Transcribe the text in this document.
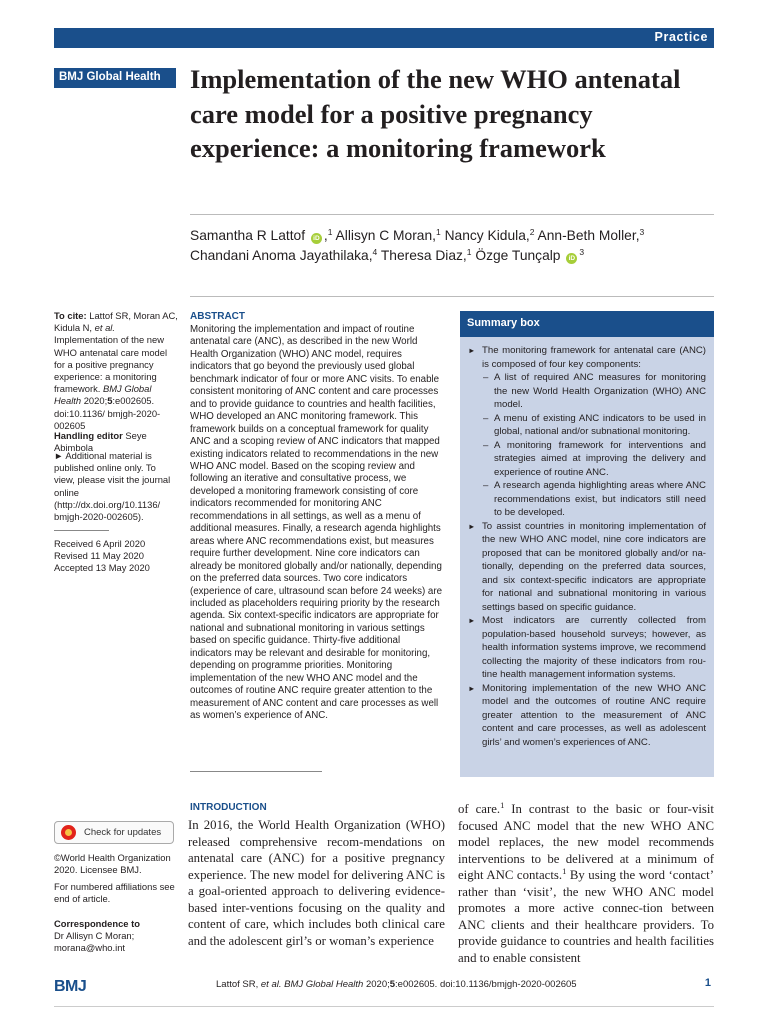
Practice
BMJ Global Health	Implementation of the new WHO antenatal care model for a positive pregnancy experience: a monitoring framework
Samantha R Lattof iD ,$^1$ Allisyn C Moran,$^1$ Nancy Kidula,$^2$ Ann-Beth Moller,$^3$
Chandani Anoma Jayathilaka,$^4$ Theresa Diaz,$^1$ Özge Tunçalp $iD^3$
To cite: Lattof SR, Moran AC, Kidula N, et al. Implementation of the new WHO antenatal care model for a positive pregnancy experience: a monitoring framework. BMJ Global Health 2020;5:e002605. doi:10.1136/ bmjgh-2020-002605
Handling editor Seye Abimbola
► Additional material is published online only. To view, please visit the journal online (http://dx.doi.org/10.1136/ bmjgh-2020-002605).
Received 6 April 2020
Revised 11 May 2020
Accepted 13 May 2020
ABSTRACT

Monitoring the implementation and impact of routine antenatal care (ANC), as described in the new World Health Organization (WHO) ANC model, requires indicators that go beyond the previously used global benchmark indicator of four or more ANC visits. To enable consistent monitoring of ANC content and care processes and to provide guidance to countries and health facilities, WHO developed an ANC monitoring framework. This framework builds on a conceptual framework for quality ANC and a scoping review of ANC indicators that mapped existing indicators related to recommendations in the new WHO ANC model. Based on the scoping review and following an iterative and consultative process, we developed a monitoring framework consisting of core indicators recommended for monitoring ANC recommendations in all settings, as well as a menu of additional measures. Finally, a research agenda highlights areas where ANC recommendations exist, but measures require further development. Nine core indicators can already be monitored globally and/or nationally, depending on the preferred data sources. Two core indicators (experience of care, ultrasound scan before 24 weeks) are included as placeholders requiring priority by the research agenda. Six context-specific indicators are appropriate for national and subnational monitoring in various settings based on specific guidance. Thirty-five additional indicators may be relevant and desirable for monitoring, depending on programme priorities. Monitoring implementation of the new WHO ANC model and the outcomes of routine ANC require greater attention to the measurement of ANC content and care processes as well as women’s experience of ANC.

Summary box
► The monitoring framework for antenatal care (ANC) is composed of four key components:
– A list of required ANC measures for monitoring the new World Health Organization (WHO) ANC model.
– A menu of existing ANC indicators to be used in global, national and/or subnational monitoring.
– A monitoring framework for interventions and strategies aimed at improving the delivery and experience of routine ANC.
– A research agenda highlighting areas where ANC recommendations exist, but indicators still need to be developed.
► To assist countries in monitoring implementation of the new WHO ANC model, nine core indicators are proposed that can be monitored globally and/or na-tionally, depending on the preferred data sources, and six context-specific indicators are appropriate for national and subnational monitoring in various settings based on specific guidance.
► Most indicators are currently collected from population-based household surveys; however, as health information systems improve, we recommend collecting the majority of these indicators from rou-tine health management information systems.
► Monitoring implementation of the new WHO ANC model and the outcomes of routine ANC require greater attention to the measurement of ANC content and care processes, as well as adolescent girls’ and women’s experiences of ANC.
INTRODUCTION

In 2016, the World Health Organization (WHO) released comprehensive recom-mendations on antenatal care (ANC) for a positive pregnancy experience. The new model for delivering ANC is a goal-oriented approach to delivering evidence-based inter-ventions focusing on the quality and content of care, which includes both clinical care and the adolescent girl’s or woman’s experience

of care.$^1$ In contrast to the basic or four-visit focused ANC model that the new WHO ANC model replaces, the new model recommends interventions to be delivered at a minimum of eight ANC contacts.$^1$ By using the word ‘contact’ rather than ‘visit’, the new WHO ANC model promotes a more active connec-tion between ANC clients and their healthcare providers. To provide guidance to countries and health facilities and to enable consistent

Check for updates
©World Health Organization 2020. Licensee BMJ.
For numbered affiliations see end of article.
Correspondence to
Dr Allisyn C Moran;
morana@who.int
BMJ	Lattof SR, et al. BMJ Global Health 2020;5:e002605. doi:10.1136/bmjgh-2020-002605	1
